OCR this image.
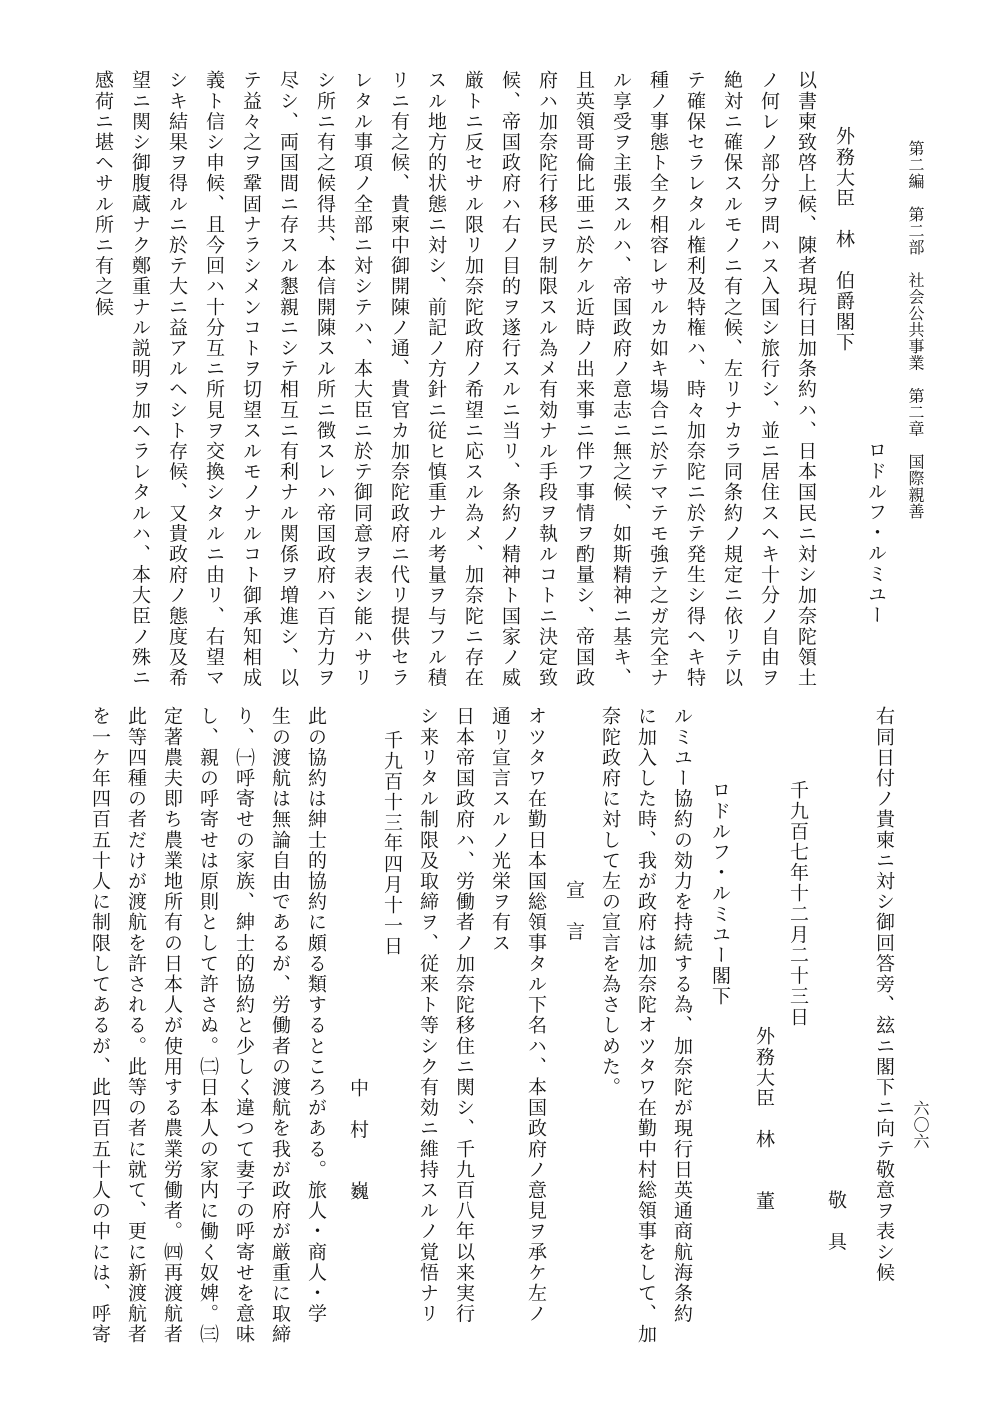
第二編　第二部　社会公共事業　第二章　国際親善
六〇六
ロドルフ・ルミユー
外務大臣　林　伯爵閣下
右同日付ノ貴柬ニ対シ御回答旁、玆ニ閣下ニ向テ敬意ヲ表シ候
敬　具
千九百七年十二月二十三日
外務大臣　林　　董
ロドルフ・ルミユー閣下
ルミユー協約の効力を持続する為、加奈陀が現行日英通商航海条約
に加入した時、我が政府は加奈陀オツタワ在勤中村総領事をして、加
奈陀政府に対して左の宣言を為さしめた。
宣　言
オツタワ在勤日本国総領事タル下名ハ、本国政府ノ意見ヲ承ケ左ノ
通リ宣言スルノ光栄ヲ有ス
日本帝国政府ハ、労働者ノ加奈陀移住ニ関シ、千九百八年以来実行
シ来リタル制限及取締ヲ、従来ト等シク有効ニ維持スルノ覚悟ナリ
千九百十三年四月十一日
中　村　　巍
此の協約は紳士的協約に頗る類するところがある。旅人・商人・学
生の渡航は無論自由であるが、労働者の渡航を我が政府が厳重に取締
り、㈠呼寄せの家族、紳士的協約と少しく違つて妻子の呼寄せを意味
し、親の呼寄せは原則として許さぬ。㈡日本人の家内に働く奴婢。㈢
定著農夫即ち農業地所有の日本人が使用する農業労働者。㈣再渡航者
此等四種の者だけが渡航を許される。此等の者に就て、更に新渡航者
を一ケ年四百五十人に制限してあるが、此四百五十人の中には、呼寄
以書柬致啓上候、陳者現行日加条約ハ、日本国民ニ対シ加奈陀領土
ノ何レノ部分ヲ問ハス入国シ旅行シ、並ニ居住スヘキ十分ノ自由ヲ
絶対ニ確保スルモノニ有之候、左リナカラ同条約ノ規定ニ依リテ以
テ確保セラレタル権利及特権ハ、時々加奈陀ニ於テ発生シ得ヘキ特
種ノ事態ト全ク相容レサルカ如キ場合ニ於テマテモ強テ之ガ完全ナ
ル享受ヲ主張スルハ、帝国政府ノ意志ニ無之候、如斯精神ニ基キ、
且英領哥倫比亜ニ於ケル近時ノ出来事ニ伴フ事情ヲ酌量シ、帝国政
府ハ加奈陀行移民ヲ制限スル為メ有効ナル手段ヲ執ルコトニ決定致
候、帝国政府ハ右ノ目的ヲ遂行スルニ当リ、条約ノ精神ト国家ノ威
厳トニ反セサル限リ加奈陀政府ノ希望ニ応スル為メ、加奈陀ニ存在
スル地方的状態ニ対シ、前記ノ方針ニ従ヒ慎重ナル考量ヲ与フル積
リニ有之候、貴柬中御開陳ノ通、貴官カ加奈陀政府ニ代リ提供セラ
レタル事項ノ全部ニ対シテハ、本大臣ニ於テ御同意ヲ表シ能ハサリ
シ所ニ有之候得共、本信開陳スル所ニ徴スレハ帝国政府ハ百方力ヲ
尽シ、両国間ニ存スル懇親ニシテ相互ニ有利ナル関係ヲ増進シ、以
テ益々之ヲ鞏固ナラシメンコトヲ切望スルモノナルコト御承知相成
義ト信シ申候、且今回ハ十分互ニ所見ヲ交換シタルニ由リ、右望マ
シキ結果ヲ得ルニ於テ大ニ益アルヘシト存候、又貴政府ノ態度及希
望ニ関シ御腹蔵ナク鄭重ナル説明ヲ加ヘラレタルハ、本大臣ノ殊ニ
感荷ニ堪ヘサル所ニ有之候
